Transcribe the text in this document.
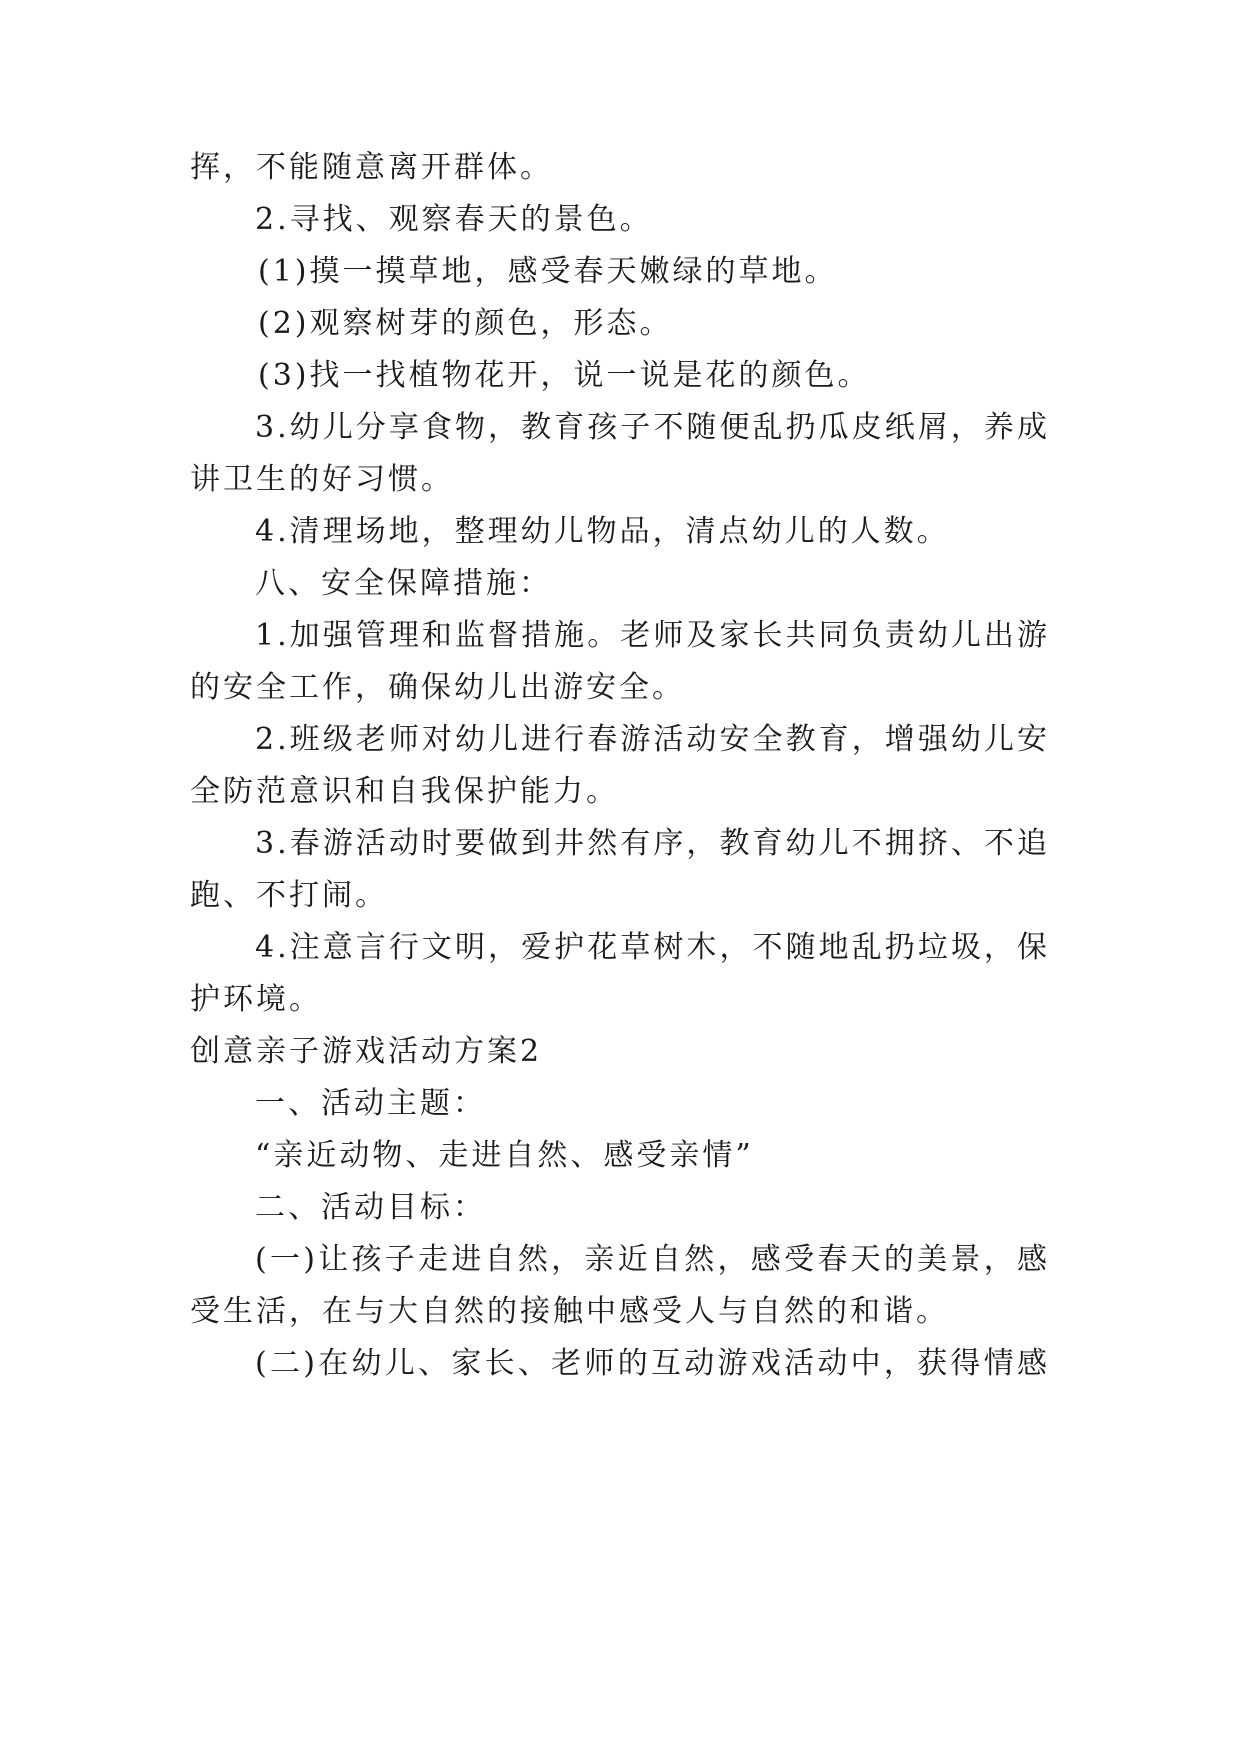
挥，不能随意离开群体。
2.寻找、观察春天的景色。
(1)摸一摸草地，感受春天嫩绿的草地。
(2)观察树芽的颜色，形态。
(3)找一找植物花开，说一说是花的颜色。
3.幼儿分享食物，教育孩子不随便乱扔瓜皮纸屑，养成
讲卫生的好习惯。
4.清理场地，整理幼儿物品，清点幼儿的人数。
八、安全保障措施：
1.加强管理和监督措施。老师及家长共同负责幼儿出游
的安全工作，确保幼儿出游安全。
2.班级老师对幼儿进行春游活动安全教育，增强幼儿安
全防范意识和自我保护能力。
3.春游活动时要做到井然有序，教育幼儿不拥挤、不追
跑、不打闹。
4.注意言行文明，爱护花草树木，不随地乱扔垃圾，保
护环境。
创意亲子游戏活动方案2
一、活动主题：
“亲近动物、走进自然、感受亲情”
二、活动目标：
(一)让孩子走进自然，亲近自然，感受春天的美景，感
受生活，在与大自然的接触中感受人与自然的和谐。
(二)在幼儿、家长、老师的互动游戏活动中，获得情感
